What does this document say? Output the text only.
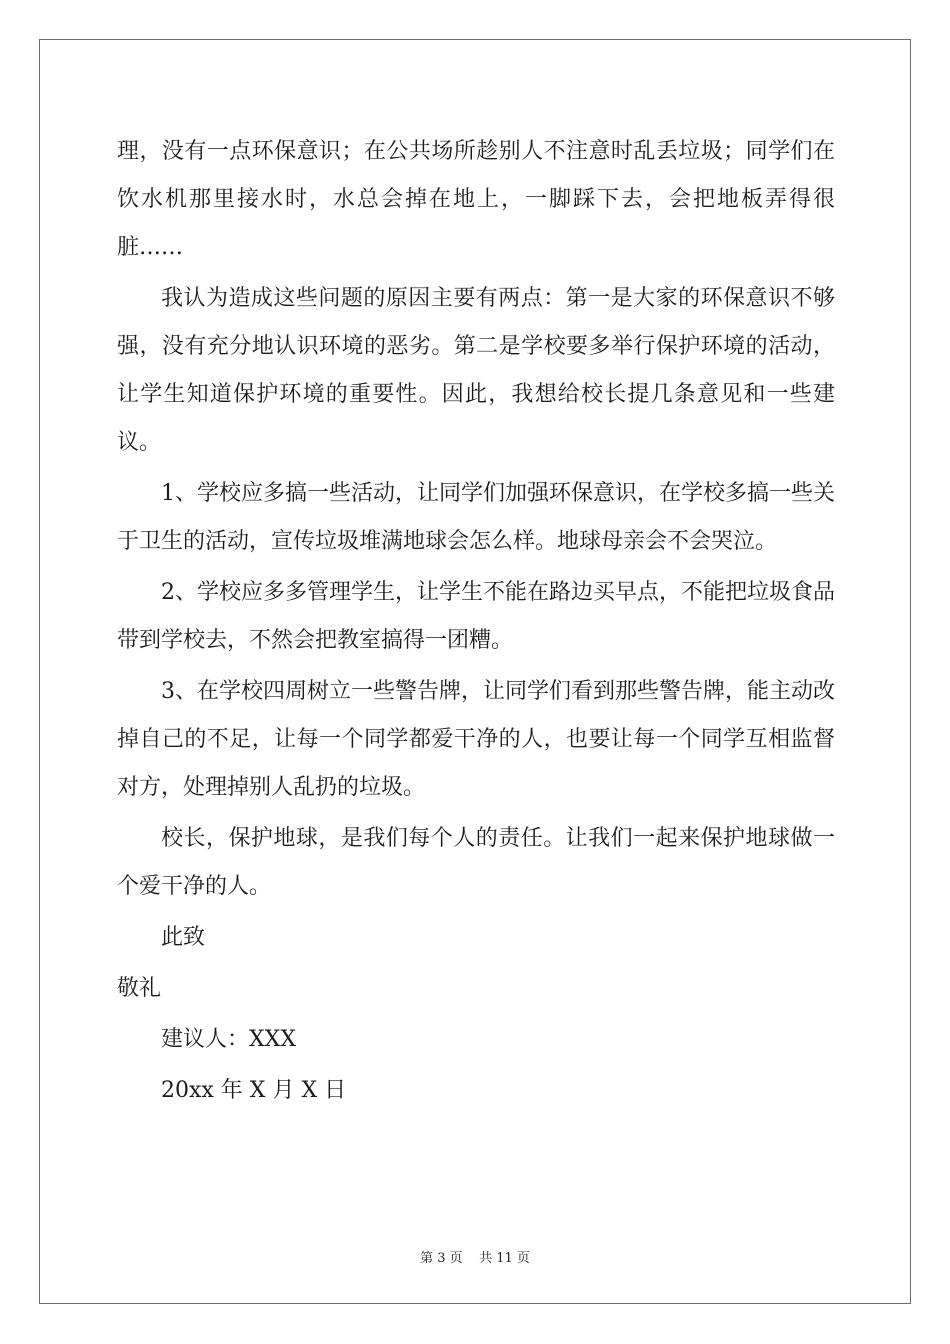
理，没有一点环保意识；在公共场所趁别人不注意时乱丢垃圾；同学们在饮水机那里接水时，水总会掉在地上，一脚踩下去，会把地板弄得很脏……

我认为造成这些问题的原因主要有两点：第一是大家的环保意识不够强，没有充分地认识环境的恶劣。第二是学校要多举行保护环境的活动，让学生知道保护环境的重要性。因此，我想给校长提几条意见和一些建议。

1、学校应多搞一些活动，让同学们加强环保意识，在学校多搞一些关于卫生的活动，宣传垃圾堆满地球会怎么样。地球母亲会不会哭泣。

2、学校应多多管理学生，让学生不能在路边买早点，不能把垃圾食品带到学校去，不然会把教室搞得一团糟。

3、在学校四周树立一些警告牌，让同学们看到那些警告牌，能主动改掉自己的不足，让每一个同学都爱干净的人，也要让每一个同学互相监督对方，处理掉别人乱扔的垃圾。

校长，保护地球，是我们每个人的责任。让我们一起来保护地球做一个爱干净的人。

此致

敬礼

建议人：XXX

20xx 年 X 月 X 日

第 3 页    共 11 页
